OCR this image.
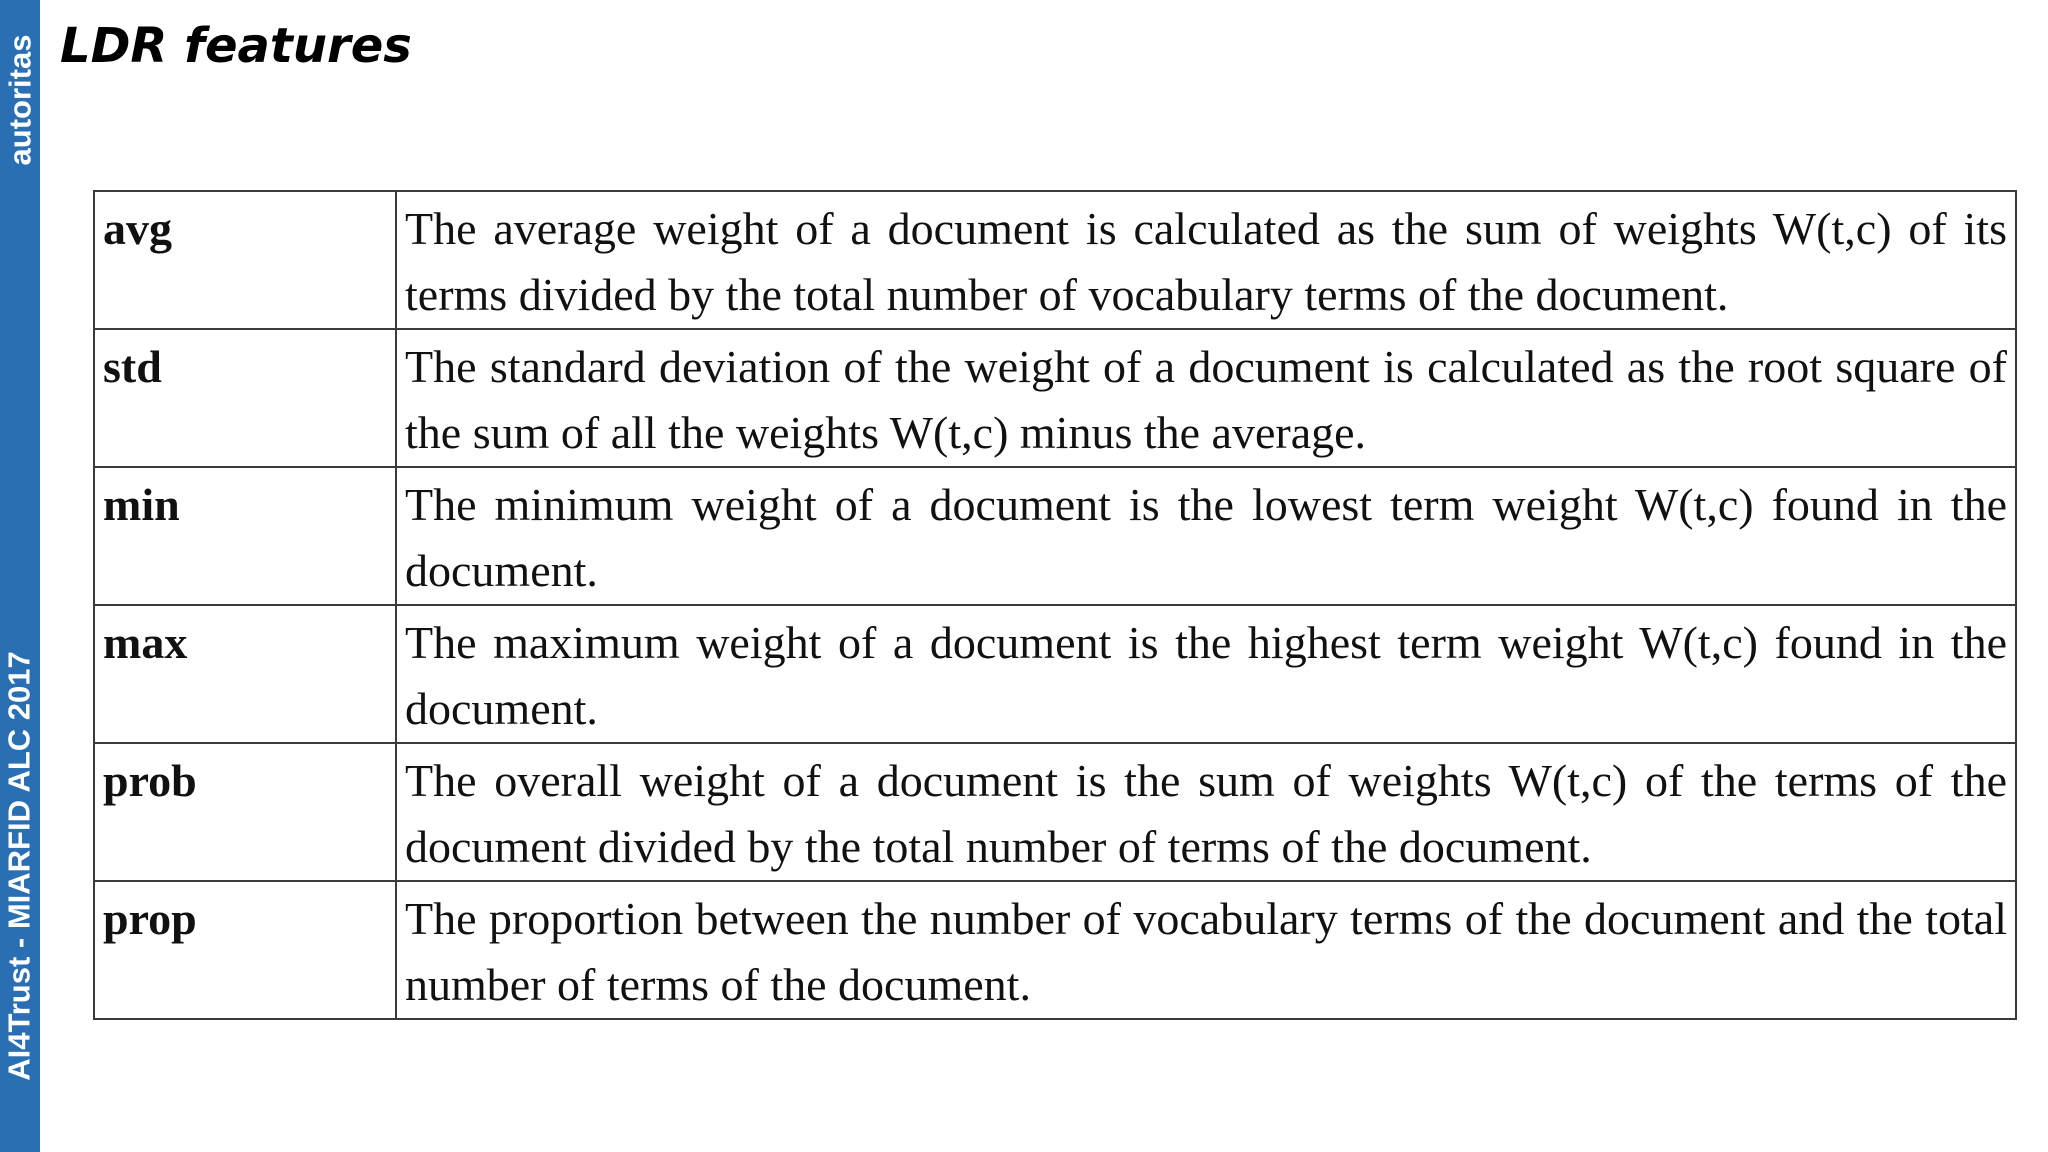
autoritas
AI4Trust - MIARFID ALC 2017
LDR features
avg	The average weight of a document is calculated as the sum of weights W(t,c) of its terms divided by the total number of vocabulary terms of the document.
std	The standard deviation of the weight of a document is calculated as the root square of the sum of all the weights W(t,c) minus the average.
min	The minimum weight of a document is the lowest term weight W(t,c) found in the document.
max	The maximum weight of a document is the highest term weight W(t,c) found in the document.
prob	The overall weight of a document is the sum of weights W(t,c) of the terms of the document divided by the total number of terms of the document.
prop	The proportion between the number of vocabulary terms of the document and the total number of terms of the document.
